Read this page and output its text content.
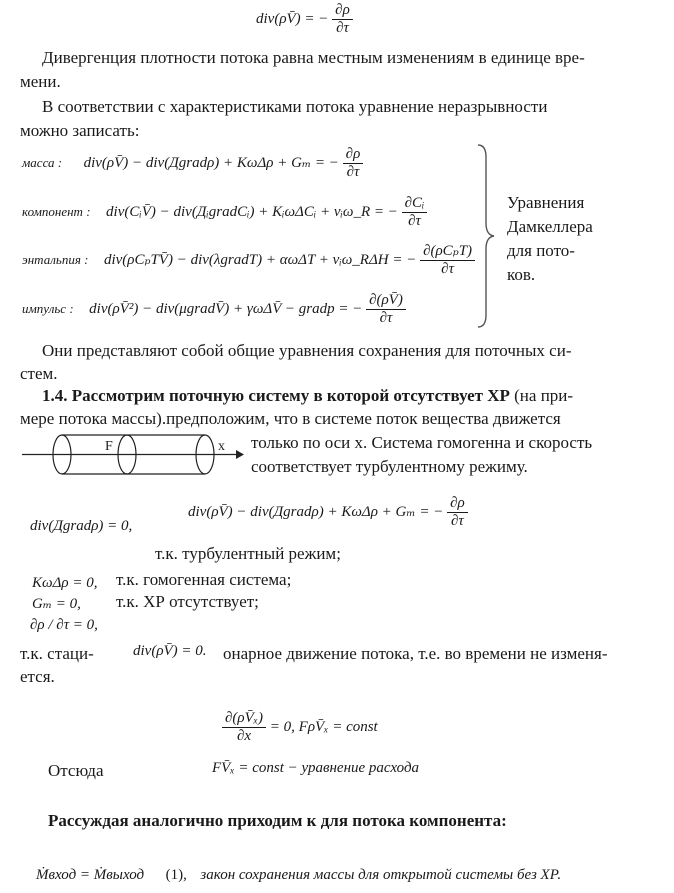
div(ρV̄) = − $\frac{\partial\rho}{\partial\tau}$
Дивергенция плотности потока равна местным изменениям в единице вре-
мени.
В соответствии с характеристиками потока уравнение неразрывности
можно записать:
масса : div(ρV̄) − div(Дgradρ) + KωΔρ + Gₘ = − $\frac{\partial\rho}{\partial\tau}$
компонент : div(CᵢV̄) − div(ДᵢgradCᵢ) + KᵢωΔCᵢ + νᵢω_R = − $\frac{\text{∂Cᵢ}}{\partial\tau}$
энтальпия : div(ρCₚTV̄) − div(λgradT) + αωΔT + νᵢω_RΔH = − $\frac{\text{∂(ρCₚT)}}{\partial\tau}$
импульс : div(ρV̄²) − div(μgradV̄) + γωΔV̄ − gradp = − $\frac{\partial(\rho V̄)}{\partial\tau}$
Уравнения
Дамкеллера
для пото-
ков.
Они представляют собой общие уравнения сохранения для поточных си-
стем.
1.4. Рассмотрим поточную систему в которой отсутствует ХР (на при-
мере потока массы).предположим, что в системе поток вещества движется
только по оси х. Система гомогенна и скорость
соответствует турбулентному режиму.
F	x
div(ρV̄) − div(Дgradρ) + KωΔρ + Gₘ = − $\frac{\partial\rho}{\partial\tau}$
div(Дgradρ) = 0,
т.к. турбулентный режим;
KωΔρ = 0, т.к. гомогенная система;
Gₘ = 0, т.к. ХР отсутствует;
∂ρ / ∂τ = 0,
т.к. стаци-	div(ρV̄) = 0. онарное движение потока, т.е. во времени не изменя-
ется.
$\frac{\text{∂(ρV̄ₓ)}}{\partial x} = 0$, FρV̄ₓ = const
Отсюда	FV̄ₓ = const − уравнение расхода
Рассуждая аналогично приходим к для потока компонента:
Ṁвход = Ṁвыход (1), закон сохранения массы для открытой системы без ХР.
